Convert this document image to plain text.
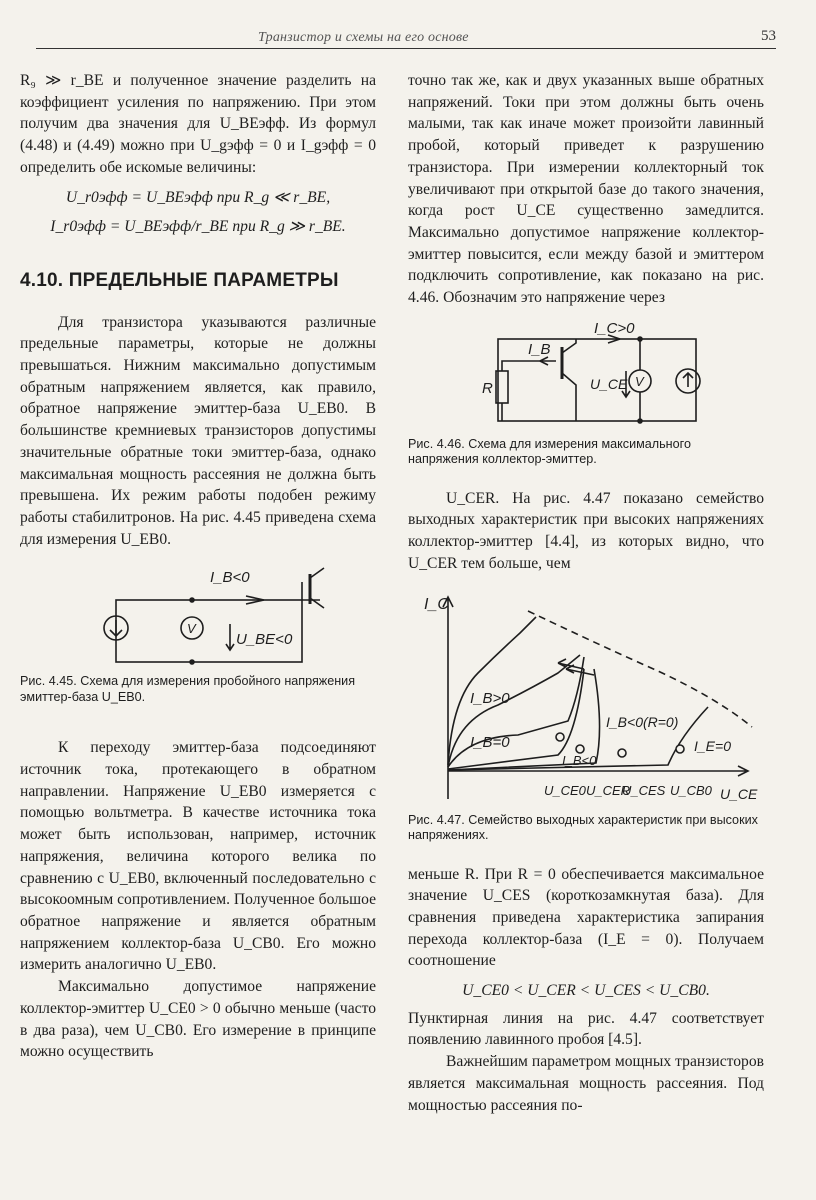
Транзистор и схемы на его основе	53

R₉ ≫ r_BE и полученное значение разделить на коэффициент усиления по напряжению. При этом получим два значения для U_BEэфф. Из формул (4.48) и (4.49) можно при U_gэфф = 0 и I_gэфф = 0 определить обе искомые величины:

U_r0эфф = U_BEэфф при R_g ≪ r_BE,

I_r0эфф = U_BEэфф/r_BE при R_g ≫ r_BE.

4.10. ПРЕДЕЛЬНЫЕ ПАРАМЕТРЫ

Для транзистора указываются различные предельные параметры, которые не должны превышаться. Нижним максимально допустимым обратным напряжением является, как правило, обратное напряжение эмиттер-база U_EB0. В большинстве кремниевых транзисторов допустимы значительные обратные токи эмиттер-база, однако максимальная мощность рассеяния не должна быть превышена. Их режим работы подобен режиму работы стабилитронов. На рис. 4.45 приведена схема для измерения U_EB0.

I_B<0
V
U_BE<0
Рис. 4.45. Схема для измерения пробойного напряжения эмиттер-база U_EB0.

К переходу эмиттер-база подсоединяют источник тока, протекающего в обратном направлении. Напряжение U_EB0 измеряется с помощью вольтметра. В качестве источника тока может быть использован, например, источник напряжения, величина которого велика по сравнению с U_EB0, включенный последовательно с высокоомным сопротивлением. Полученное большое обратное напряжение и является обратным напряжением коллектор-база U_CB0. Его можно измерить аналогично U_EB0.

Максимально допустимое напряжение коллектор-эмиттер U_CE0 > 0 обычно меньше (часто в два раза), чем U_CB0. Его измерение в принципе можно осуществить

точно так же, как и двух указанных выше обратных напряжений. Токи при этом должны быть очень малыми, так как иначе может произойти лавинный пробой, который приведет к разрушению транзистора. При измерении коллекторный ток увеличивают при открытой базе до такого значения, когда рост U_CE существенно замедлится. Максимально допустимое напряжение коллектор-эмиттер повысится, если между базой и эмиттером подключить сопротивление, как показано на рис. 4.46. Обозначим это напряжение через

I_C>0
I_B
R	U_CE V
Рис. 4.46. Схема для измерения максимального напряжения коллектор-эмиттер.

U_CER. На рис. 4.47 показано семейство выходных характеристик при высоких напряжениях коллектор-эмиттер [4.4], из которых видно, что U_CER тем больше, чем

I_C
U_CE
I_B>0
I_B=0
I_B<0
I_B<0(R=0)
I_E=0
U_CE0 U_CER
U_CES U_CB0
Рис. 4.47. Семейство выходных характеристик при высоких напряжениях.

меньше R. При R = 0 обеспечивается максимальное значение U_CES (короткозамкнутая база). Для сравнения приведена характеристика запирания перехода коллектор-база (I_E = 0). Получаем соотношение

U_CE0 < U_CER < U_CES < U_CB0.

Пунктирная линия на рис. 4.47 соответствует появлению лавинного пробоя [4.5].

Важнейшим параметром мощных транзисторов является максимальная мощность рассеяния. Под мощностью рассеяния по-
